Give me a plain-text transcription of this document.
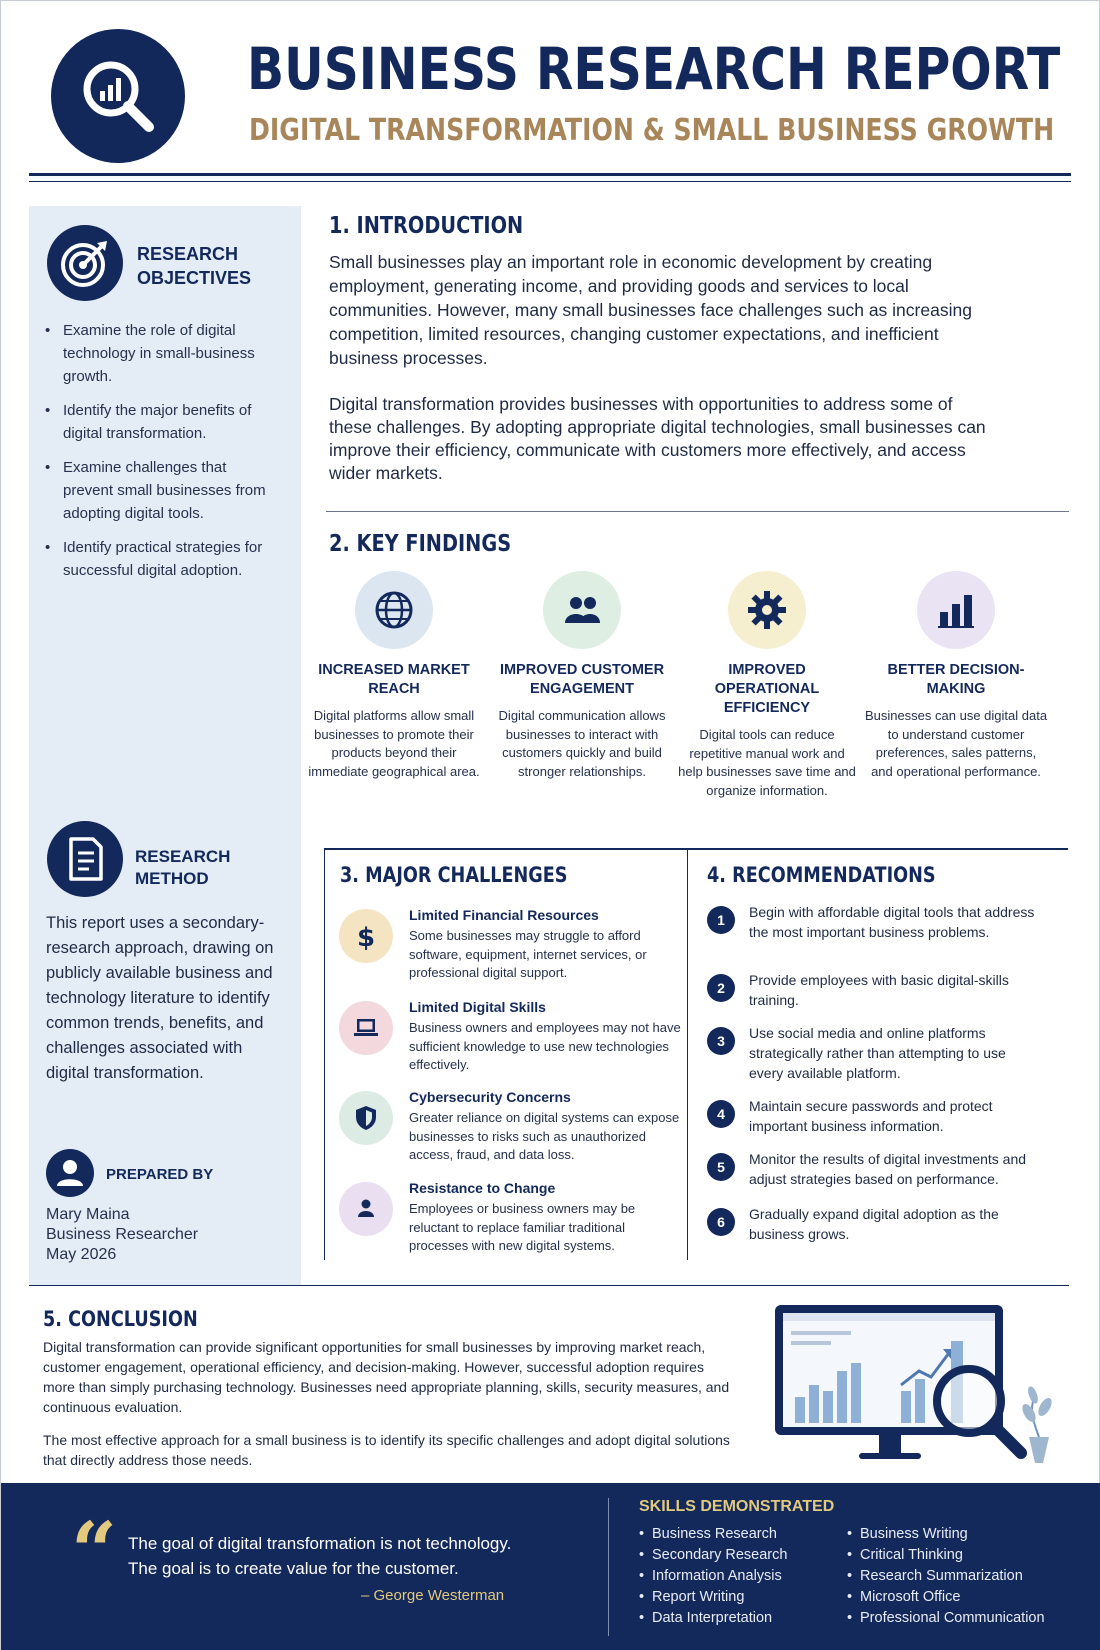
BUSINESS RESEARCH REPORT
DIGITAL TRANSFORMATION & SMALL BUSINESS GROWTH
RESEARCH
OBJECTIVES
• Examine the role of digital technology in small-business growth.
• Identify the major benefits of digital transformation.
• Examine challenges that prevent small businesses from adopting digital tools.
• Identify practical strategies for successful digital adoption.
RESEARCH
METHOD
This report uses a secondary-research approach, drawing on publicly available business and technology literature to identify common trends, benefits, and challenges associated with digital transformation.
PREPARED BY
Mary Maina
Business Researcher
May 2026
1. INTRODUCTION
Small businesses play an important role in economic development by creating employment, generating income, and providing goods and services to local communities. However, many small businesses face challenges such as increasing competition, limited resources, changing customer expectations, and inefficient business processes.
Digital transformation provides businesses with opportunities to address some of these challenges. By adopting appropriate digital technologies, small businesses can improve their efficiency, communicate with customers more effectively, and access wider markets.
2. KEY FINDINGS
INCREASED MARKET REACH
Digital platforms allow small businesses to promote their products beyond their immediate geographical area.
IMPROVED CUSTOMER ENGAGEMENT
Digital communication allows businesses to interact with customers quickly and build stronger relationships.
IMPROVED OPERATIONAL EFFICIENCY
Digital tools can reduce repetitive manual work and help businesses save time and organize information.
BETTER DECISION-MAKING
Businesses can use digital data to understand customer preferences, sales patterns, and operational performance.
3. MAJOR CHALLENGES
$
Limited Financial Resources
Some businesses may struggle to afford software, equipment, internet services, or professional digital support.
Limited Digital Skills
Business owners and employees may not have sufficient knowledge to use new technologies effectively.
Cybersecurity Concerns
Greater reliance on digital systems can expose businesses to risks such as unauthorized access, fraud, and data loss.
Resistance to Change
Employees or business owners may be reluctant to replace familiar traditional processes with new digital systems.
4. RECOMMENDATIONS
1	Begin with affordable digital tools that address the most important business problems.
2	Provide employees with basic digital-skills training.
3	Use social media and online platforms strategically rather than attempting to use every available platform.
4	Maintain secure passwords and protect important business information.
5	Monitor the results of digital investments and adjust strategies based on performance.
6	Gradually expand digital adoption as the business grows.
5. CONCLUSION
Digital transformation can provide significant opportunities for small businesses by improving market reach, customer engagement, operational efficiency, and decision-making. However, successful adoption requires more than simply purchasing technology. Businesses need appropriate planning, skills, security measures, and continuous evaluation.
The most effective approach for a small business is to identify its specific challenges and adopt digital solutions that directly address those needs.
“ The goal of digital transformation is not technology.
The goal is to create value for the customer.
– George Westerman
SKILLS DEMONSTRATED
• Business Research
• Secondary Research
• Information Analysis
• Report Writing
• Data Interpretation
• Business Writing
• Critical Thinking
• Research Summarization
• Microsoft Office
• Professional Communication
